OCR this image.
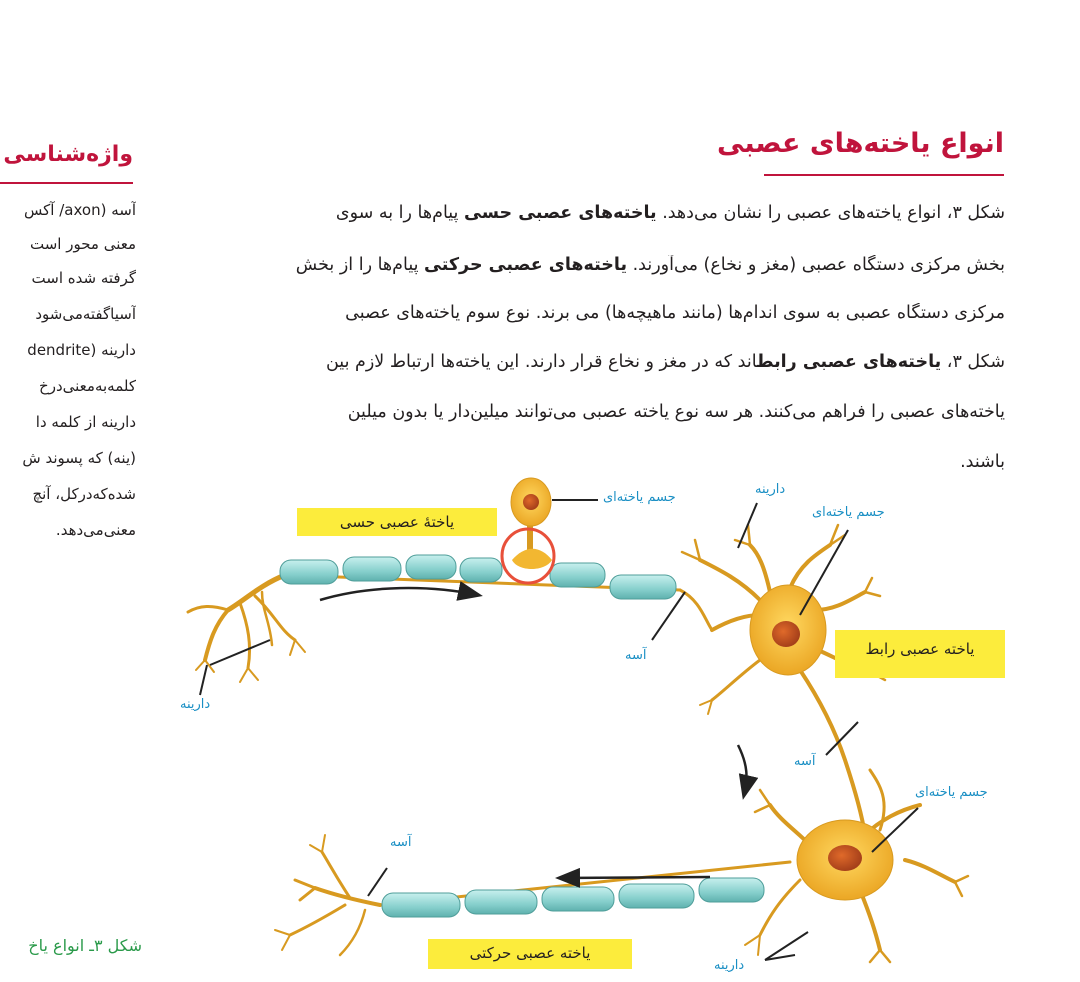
انواع یاخته‌های عصبی
واژه‌شناسی
آسه (axon/ آکس
معنی محور است
گرفته شده است
آسیاگفته‌می‌شود
دارینه (dendrite
کلمه‌به‌معنی‌درخ
دارینه از کلمه دا
(ینه) که پسوند ش
شده‌که‌در‌کل، آنچ
معنی‌می‌دهد.
شکل ۳، انواع یاخته‌های عصبی را نشان می‌دهد. یاخته‌های عصبی حسی پیام‌ها را به سوی
بخش مرکزی دستگاه عصبی (مغز و نخاع) می‌آورند. یاخته‌های عصبی حرکتی پیام‌ها را از بخش
مرکزی دستگاه عصبی به سوی اندام‌ها (مانند ماهیچه‌ها) می برند. نوع سوم یاخته‌های عصبی
شکل ۳، یاخته‌های عصبی رابطاند که در مغز و نخاع قرار دارند. این یاخته‌ها ارتباط لازم بین
یاخته‌های عصبی را فراهم می‌کنند. هر سه نوع یاخته عصبی می‌توانند میلین‌دار یا بدون میلین
باشند.
یاختۀ عصبی حسی
یاخته عصبی رابط
یاخته عصبی حرکتی
جسم یاخته‌ای
دارینه
جسم یاخته‌ای
آسه
دارینه
آسه
جسم یاخته‌ای
آسه
دارینه
شکل ۳ـ انواع یاخ
